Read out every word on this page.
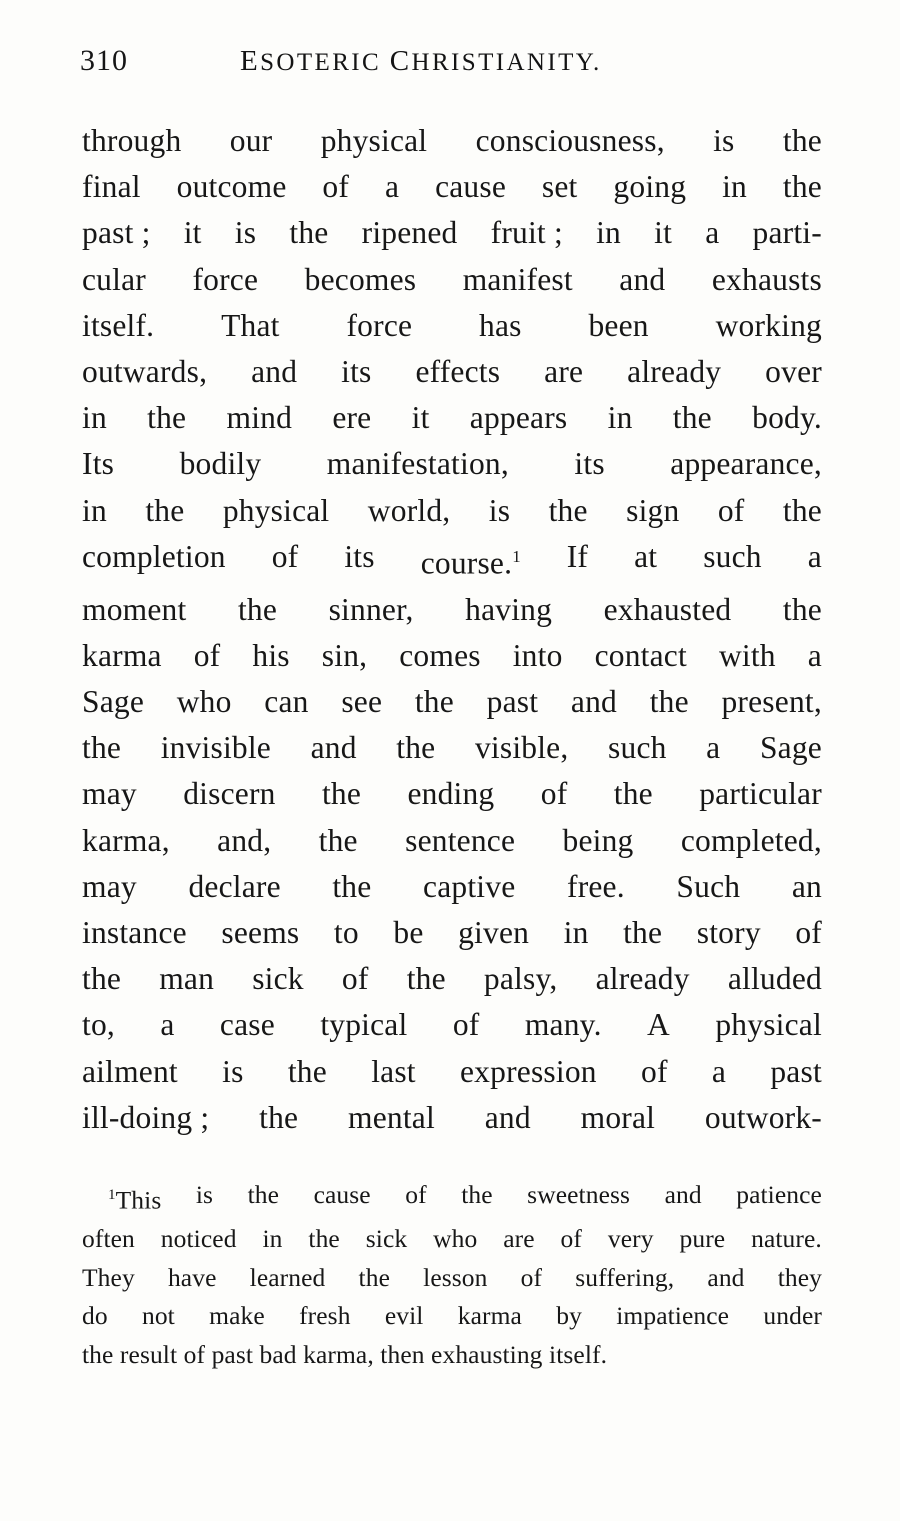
310	ESOTERIC CHRISTIANITY.
through our physical consciousness, is the
final outcome of a cause set going in the
past ; it is the ripened fruit ; in it a parti-
cular force becomes manifest and exhausts
itself. That force has been working
outwards, and its effects are already over
in the mind ere it appears in the body.
Its bodily manifestation, its appearance,
in the physical world, is the sign of the
completion of its course.$^1$ If at such a
moment the sinner, having exhausted the
karma of his sin, comes into contact with a
Sage who can see the past and the present,
the invisible and the visible, such a Sage
may discern the ending of the particular
karma, and, the sentence being completed,
may declare the captive free. Such an
instance seems to be given in the story of
the man sick of the palsy, already alluded
to, a case typical of many. A physical
ailment is the last expression of a past
ill-doing ; the mental and moral outwork-
$^1$This is the cause of the sweetness and patience
often noticed in the sick who are of very pure nature.
They have learned the lesson of suffering, and they
do not make fresh evil karma by impatience under
the result of past bad karma, then exhausting itself.
